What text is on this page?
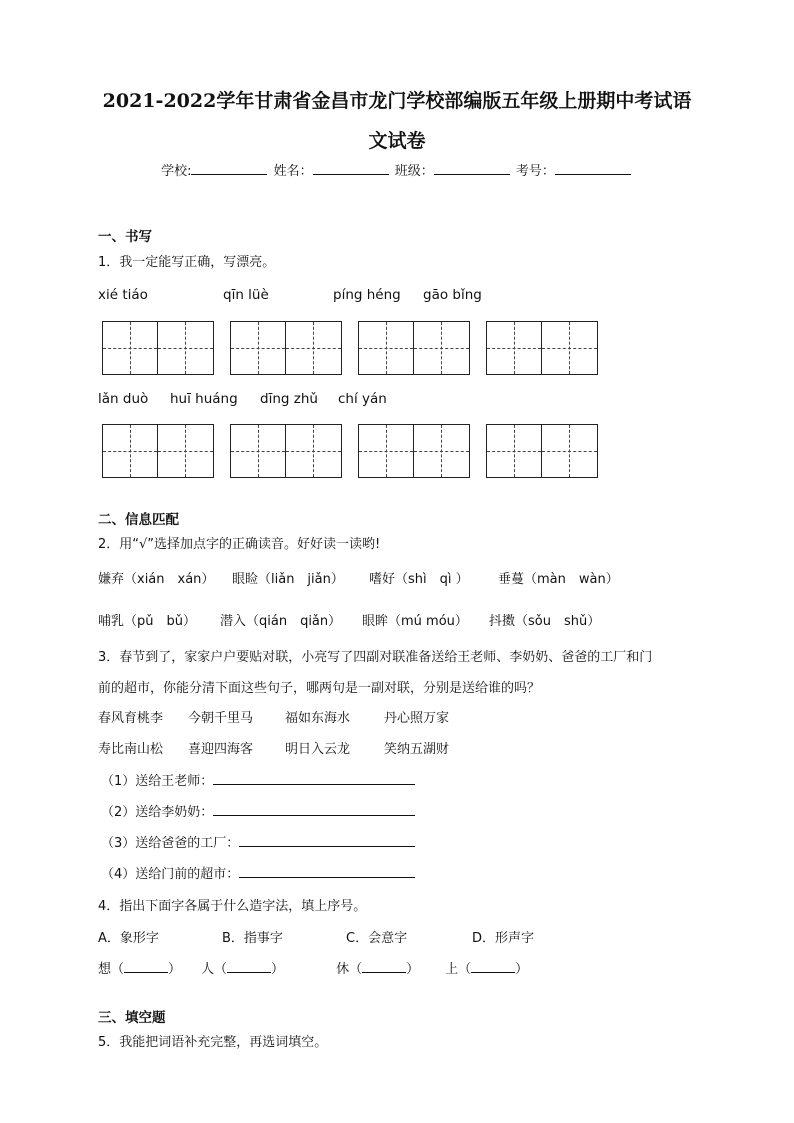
2021-2022学年甘肃省金昌市龙门学校部编版五年级上册期中考试语
文试卷
学校:	姓名：	班级：	考号：
一、书写
1．我一定能写正确，写漂亮。
xié tiáo	qīn lüè	píng héng gāo bǐng
lǎn duò huī huáng dīng zhǔ chí yán
二、信息匹配
2．用“√”选择加点字的正确读音。好好读一读哟!
嫌弃（xián　xán） 眼睑（liǎn　jiǎn） 嗜好（shì　qì ） 垂蔓（màn　wàn）
哺乳（pǔ　bǔ） 潜入（qián　qiǎn） 眼眸（mú móu） 抖擞（sǒu　shǔ）
3．春节到了，家家户户要贴对联，小亮写了四副对联准备送给王老师、李奶奶、爸爸的工厂和门
前的超市，你能分清下面这些句子，哪两句是一副对联，分别是送给谁的吗？
春风育桃李 今朝千里马 福如东海水	丹心照万家
寿比南山松 喜迎四海客 明日入云龙	笑纳五湖财
（1）送给王老师：
（2）送给李奶奶：
（3）送给爸爸的工厂：
（4）送给门前的超市：
4．指出下面字各属于什么造字法，填上序号。
A．象形字	B．指事字	C．会意字	D．形声字
想（	） 人（	）	休（	） 上（	）
三、填空题
5．我能把词语补充完整，再选词填空。
